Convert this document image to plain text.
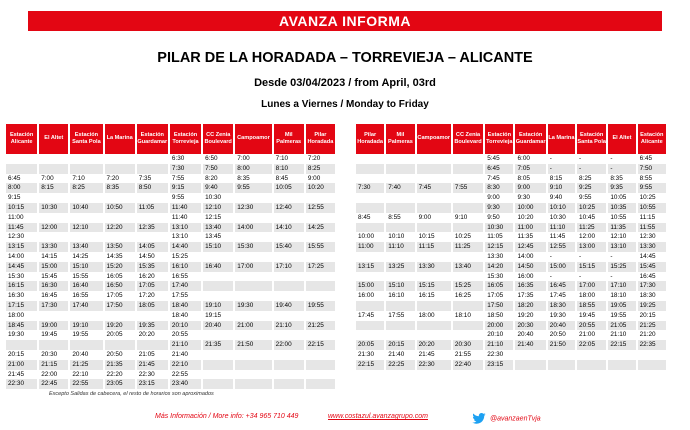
AVANZA INFORMA
PILAR DE LA HORADADA – TORREVIEJA – ALICANTE
Desde 03/04/2023 / from April, 03rd
Lunes a Viernes / Monday to Friday
Estación Alicante	El Altet	Estación Santa Pola	La Marina	Estación Guardamar	Estación Torrevieja	CC Zenia Boulevard	Campoamor	Mil Palmeras	Pilar Horadada
					6:30	6:50	7:00	7:10	7:20
					7:30	7:50	8:00	8:10	8:25
6:45	7:00	7:10	7:20	7:35	7:55	8:20	8:35	8:45	9:00
8:00	8:15	8:25	8:35	8:50	9:15	9:40	9:55	10:05	10:20
9:15					9:55	10:30			
10:15	10:30	10:40	10:50	11:05	11:40	12:10	12:30	12:40	12:55
11:00					11:40	12:15			
11:45	12:00	12:10	12:20	12:35	13:10	13:40	14:00	14:10	14:25
12:30					13:10	13:45			
13:15	13:30	13:40	13:50	14:05	14:40	15:10	15:30	15:40	15:55
14:00	14:15	14:25	14:35	14:50	15:25				
14:45	15:00	15:10	15:20	15:35	16:10	16:40	17:00	17:10	17:25
15:30	15:45	15:55	16:05	16:20	16:55				
16:15	16:30	16:40	16:50	17:05	17:40				
16:30	16:45	16:55	17:05	17:20	17:55				
17:15	17:30	17:40	17:50	18:05	18:40	19:10	19:30	19:40	19:55
18:00					18:40	19:15			
18:45	19:00	19:10	19:20	19:35	20:10	20:40	21:00	21:10	21:25
19:30	19:45	19:55	20:05	20:20	20:55				
					21:10	21:35	21:50	22:00	22:15
20:15	20:30	20:40	20:50	21:05	21:40				
21:00	21:15	21:25	21:35	21:45	22:10				
21:45	22:00	22:10	22:20	22:30	22:55				
22:30	22:45	22:55	23:05	23:15	23:40				
Pilar Horadada	Mil Palmeras	Campoamor	CC Zenia Boulevard	Estación Torrevieja	Estación Guardamar	La Marina	Estación Santa Pola	El Altet	Estación Alicante
				5:45	6:00	-	-	-	6:45
				6:45	7:05	-	-	-	7:50
				7:45	8:05	8:15	8:25	8:35	8:55
7:30	7:40	7:45	7:55	8:30	9:00	9:10	9:25	9:35	9:55
				9:00	9:30	9:40	9:55	10:05	10:25
				9:30	10:00	10:10	10:25	10:35	10:55
8:45	8:55	9:00	9:10	9:50	10:20	10:30	10:45	10:55	11:15
				10:30	11:00	11:10	11:25	11:35	11:55
10:00	10:10	10:15	10:25	11:05	11:35	11:45	12:00	12:10	12:30
11:00	11:10	11:15	11:25	12:15	12:45	12:55	13:00	13:10	13:30
				13:30	14:00	-	-	-	14:45
13:15	13:25	13:30	13:40	14:20	14:50	15:00	15:15	15:25	15:45
				15:30	16:00	-	-	-	16:45
15:00	15:10	15:15	15:25	16:05	16:35	16:45	17:00	17:10	17:30
16:00	16:10	16:15	16:25	17:05	17:35	17:45	18:00	18:10	18:30
				17:50	18:20	18:30	18:55	19:05	19:25
17:45	17:55	18:00	18:10	18:50	19:20	19:30	19:45	19:55	20:15
				20:00	20:30	20:40	20:55	21:05	21:25
				20:10	20:40	20:50	21:00	21:10	21:20
20:05	20:15	20:20	20:30	21:10	21:40	21:50	22:05	22:15	22:35
21:30	21:40	21:45	21:55	22:30					
22:15	22:25	22:30	22:40	23:15					
Excepto Salidas de cabecera, el resto de horarios son aproximados
Más Información / More info: +34 965 710 449	www.costazul.avanzagrupo.com	@avanzaenTvja
